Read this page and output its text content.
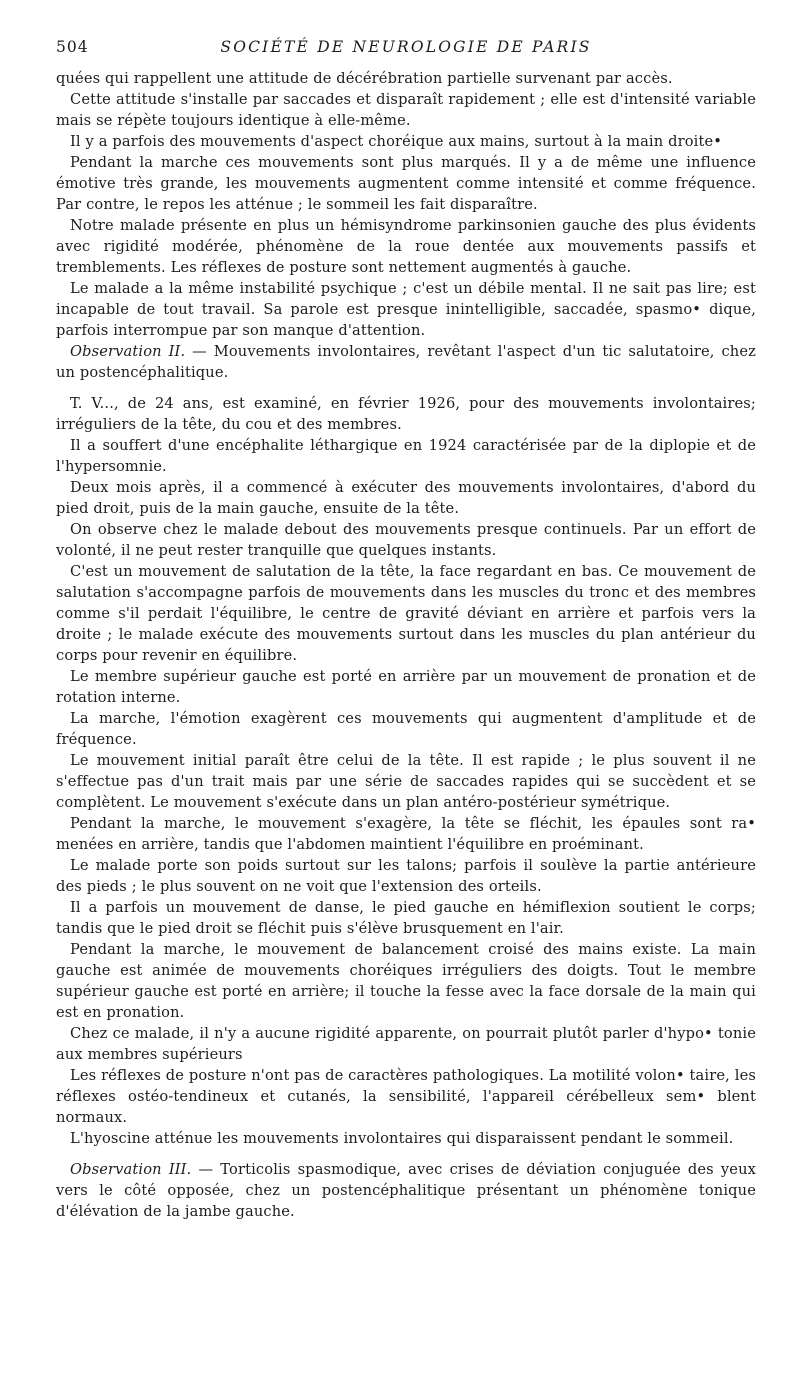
504	SOCIÉTÉ DE NEUROLOGIE DE PARIS

quées qui rappellent une attitude de décérébration partielle survenant par accès.

Cette attitude s'installe par saccades et disparaît rapidement ; elle est d'intensité variable mais se répète toujours identique à elle-même.

Il y a parfois des mouvements d'aspect choréique aux mains, surtout à la main droite•

Pendant la marche ces mouvements sont plus marqués. Il y a de même une influence émotive très grande, les mouvements augmentent comme intensité et comme fréquence. Par contre, le repos les atténue ; le sommeil les fait disparaître.

Notre malade présente en plus un hémisyndrome parkinsonien gauche des plus évidents avec rigidité modérée, phénomène de la roue dentée aux mouvements passifs et tremblements. Les réflexes de posture sont nettement augmentés à gauche.

Le malade a la même instabilité psychique ; c'est un débile mental. Il ne sait pas lire; est incapable de tout travail. Sa parole est presque inintelligible, saccadée, spasmo• dique, parfois interrompue par son manque d'attention.

Observation II. — Mouvements involontaires, revêtant l'aspect d'un tic salutatoire, chez un postencéphalitique.

T. V..., de 24 ans, est examiné, en février 1926, pour des mouvements involontaires; irréguliers de la tête, du cou et des membres.

Il a souffert d'une encéphalite léthargique en 1924 caractérisée par de la diplopie et de l'hypersomnie.

Deux mois après, il a commencé à exécuter des mouvements involontaires, d'abord du pied droit, puis de la main gauche, ensuite de la tête.

On observe chez le malade debout des mouvements presque continuels. Par un effort de volonté, il ne peut rester tranquille que quelques instants.

C'est un mouvement de salutation de la tête, la face regardant en bas. Ce mouvement de salutation s'accompagne parfois de mouvements dans les muscles du tronc et des membres comme s'il perdait l'équilibre, le centre de gravité déviant en arrière et parfois vers la droite ; le malade exécute des mouvements surtout dans les muscles du plan antérieur du corps pour revenir en équilibre.

Le membre supérieur gauche est porté en arrière par un mouvement de pronation et de rotation interne.

La marche, l'émotion exagèrent ces mouvements qui augmentent d'amplitude et de fréquence.

Le mouvement initial paraît être celui de la tête. Il est rapide ; le plus souvent il ne s'effectue pas d'un trait mais par une série de saccades rapides qui se succèdent et se complètent. Le mouvement s'exécute dans un plan antéro-postérieur symétrique.

Pendant la marche, le mouvement s'exagère, la tête se fléchit, les épaules sont ra• menées en arrière, tandis que l'abdomen maintient l'équilibre en proéminant.

Le malade porte son poids surtout sur les talons; parfois il soulève la partie antérieure des pieds ; le plus souvent on ne voit que l'extension des orteils.

Il a parfois un mouvement de danse, le pied gauche en hémiflexion soutient le corps; tandis que le pied droit se fléchit puis s'élève brusquement en l'air.

Pendant la marche, le mouvement de balancement croisé des mains existe. La main gauche est animée de mouvements choréiques irréguliers des doigts. Tout le membre supérieur gauche est porté en arrière; il touche la fesse avec la face dorsale de la main qui est en pronation.

Chez ce malade, il n'y a aucune rigidité apparente, on pourrait plutôt parler d'hypo• tonie aux membres supérieurs

Les réflexes de posture n'ont pas de caractères pathologiques. La motilité volon• taire, les réflexes ostéo-tendineux et cutanés, la sensibilité, l'appareil cérébelleux sem• blent normaux.

L'hyoscine atténue les mouvements involontaires qui disparaissent pendant le sommeil.

Observation III. — Torticolis spasmodique, avec crises de déviation conjuguée des yeux vers le côté opposée, chez un postencéphalitique présentant un phénomène tonique d'élévation de la jambe gauche.
